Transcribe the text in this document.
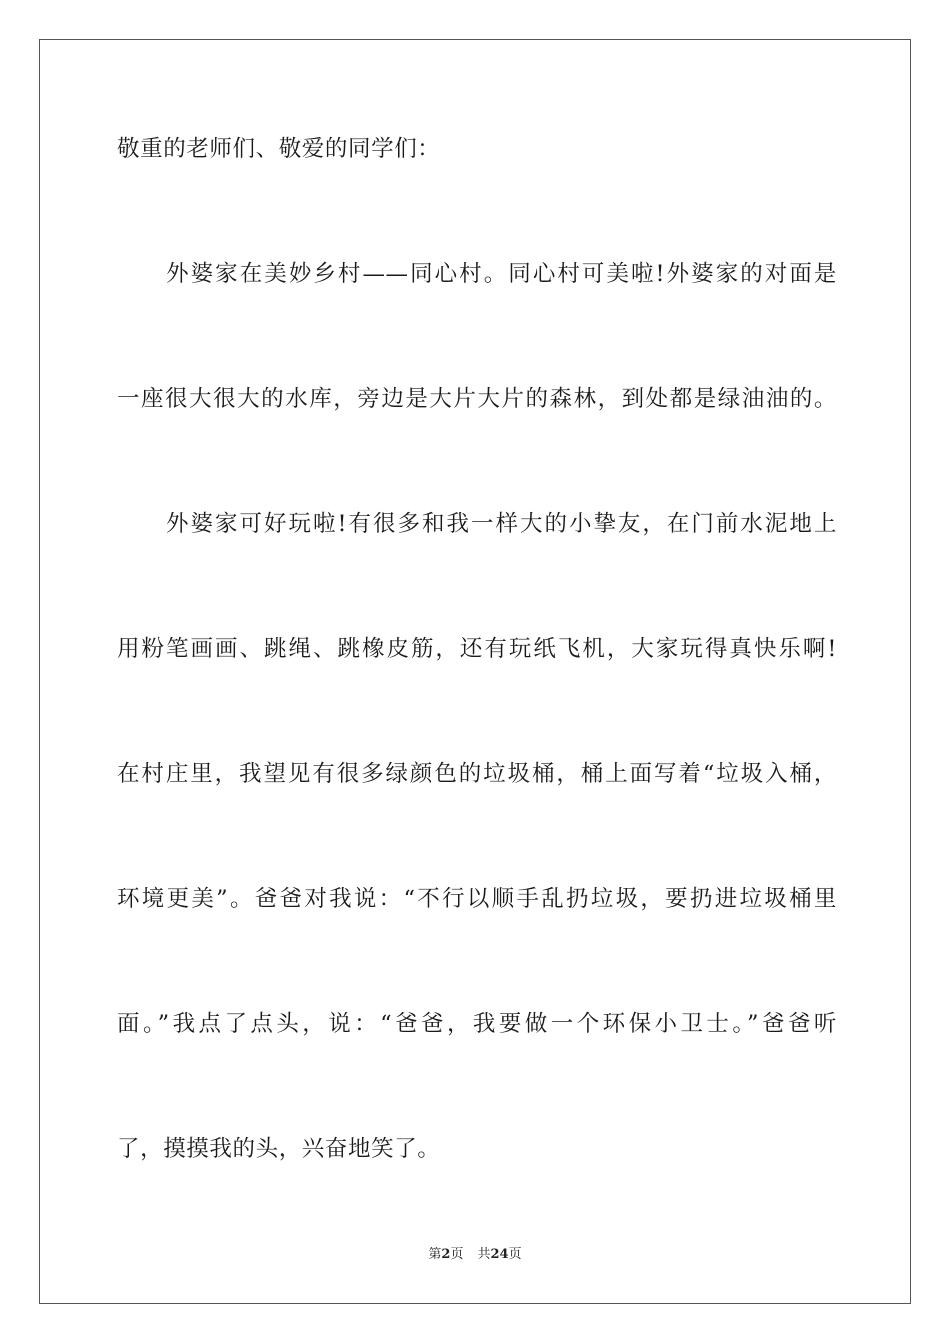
敬重的老师们、敬爱的同学们：
　　外婆家在美妙乡村——同心村。同心村可美啦!外婆家的对面是
一座很大很大的水库，旁边是大片大片的森林，到处都是绿油油的。
　　外婆家可好玩啦!有很多和我一样大的小挚友，在门前水泥地上
用粉笔画画、跳绳、跳橡皮筋，还有玩纸飞机，大家玩得真快乐啊!
在村庄里，我望见有很多绿颜色的垃圾桶，桶上面写着“垃圾入桶，
环境更美”。爸爸对我说：“不行以顺手乱扔垃圾，要扔进垃圾桶里
面。”我点了点头，说：“爸爸，我要做一个环保小卫士。”爸爸听
了，摸摸我的头，兴奋地笑了。
第2页 共24页
